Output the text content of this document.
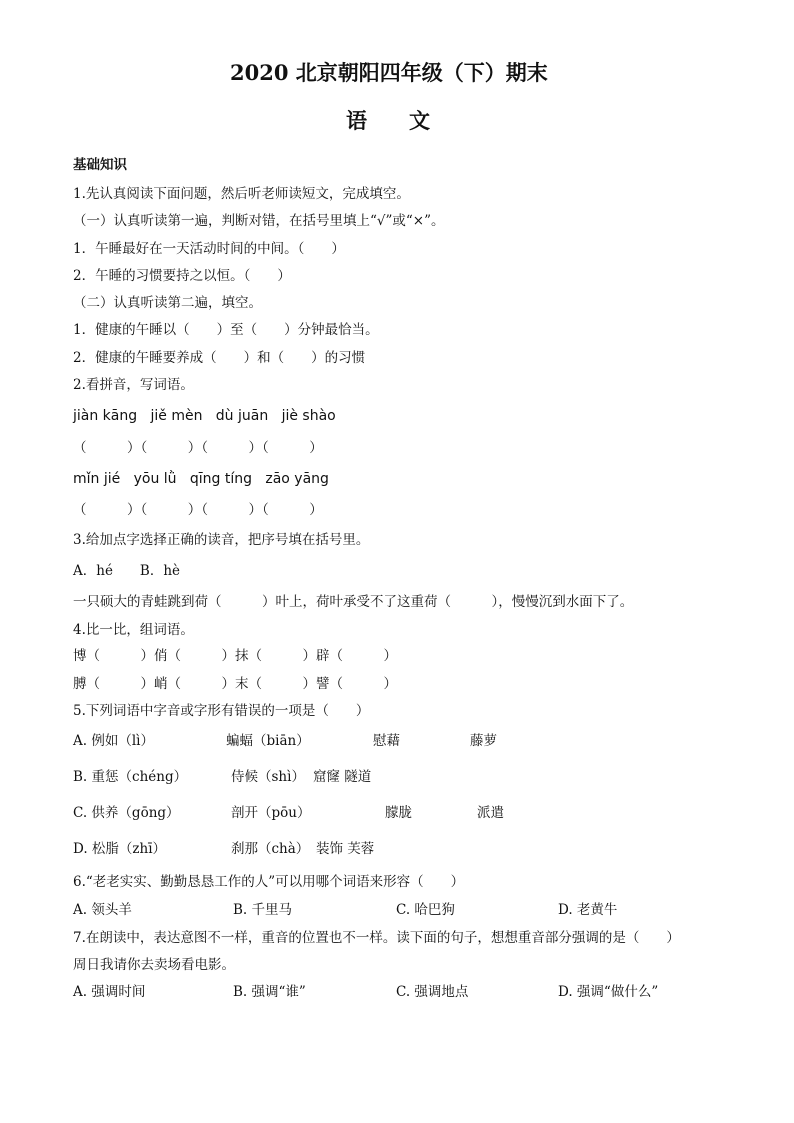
2020 北京朝阳四年级（下）期末
语　　文
基础知识
1.先认真阅读下面问题，然后听老师读短文，完成填空。
（一）认真听读第一遍，判断对错，在括号里填上“√”或“×”。
1．午睡最好在一天活动时间的中间。（　　）
2．午睡的习惯要持之以恒。（　　）
（二）认真听读第二遍，填空。
1．健康的午睡以（　　）至（　　）分钟最恰当。
2．健康的午睡要养成（　　）和（　　）的习惯
2.看拼音，写词语。
jiàn kāng   jiě mèn   dù juān   jiè shào
（　　　）（　　　）（　　　）（　　　）
mǐn jié   yōu lǜ   qīng tíng   zāo yāng
（　　　）（　　　）（　　　）（　　　）
3.给加点字选择正确的读音，把序号填在括号里。
A．hé　　B．hè
一只硕大的青蛙跳到荷（　　　）叶上，荷叶承受不了这重荷（　　　），慢慢沉到水面下了。
4.比一比，组词语。
博（　　　）俏（　　　）抹（　　　）辟（　　　）
膊（　　　）峭（　　　）末（　　　）譬（　　　）
5.下列词语中字音或字形有错误的一项是（　　）
A. 例如（lì）	蝙蝠（biān）	慰藉	藤萝
B. 重惩（chéng）	侍候（shì） 窟窿 隧道
C. 供养（gōng）	剖开（pōu）	朦胧	派遣
D. 松脂（zhī）	刹那（chà） 装饰 芙蓉
6.“老老实实、勤勤恳恳工作的人”可以用哪个词语来形容（　　）
A. 领头羊	B. 千里马	C. 哈巴狗	D. 老黄牛
7.在朗读中，表达意图不一样，重音的位置也不一样。读下面的句子，想想重音部分强调的是（　　）
周日我请你去卖场看电影。
A. 强调时间	B. 强调“谁”	C. 强调地点	D. 强调“做什么”
